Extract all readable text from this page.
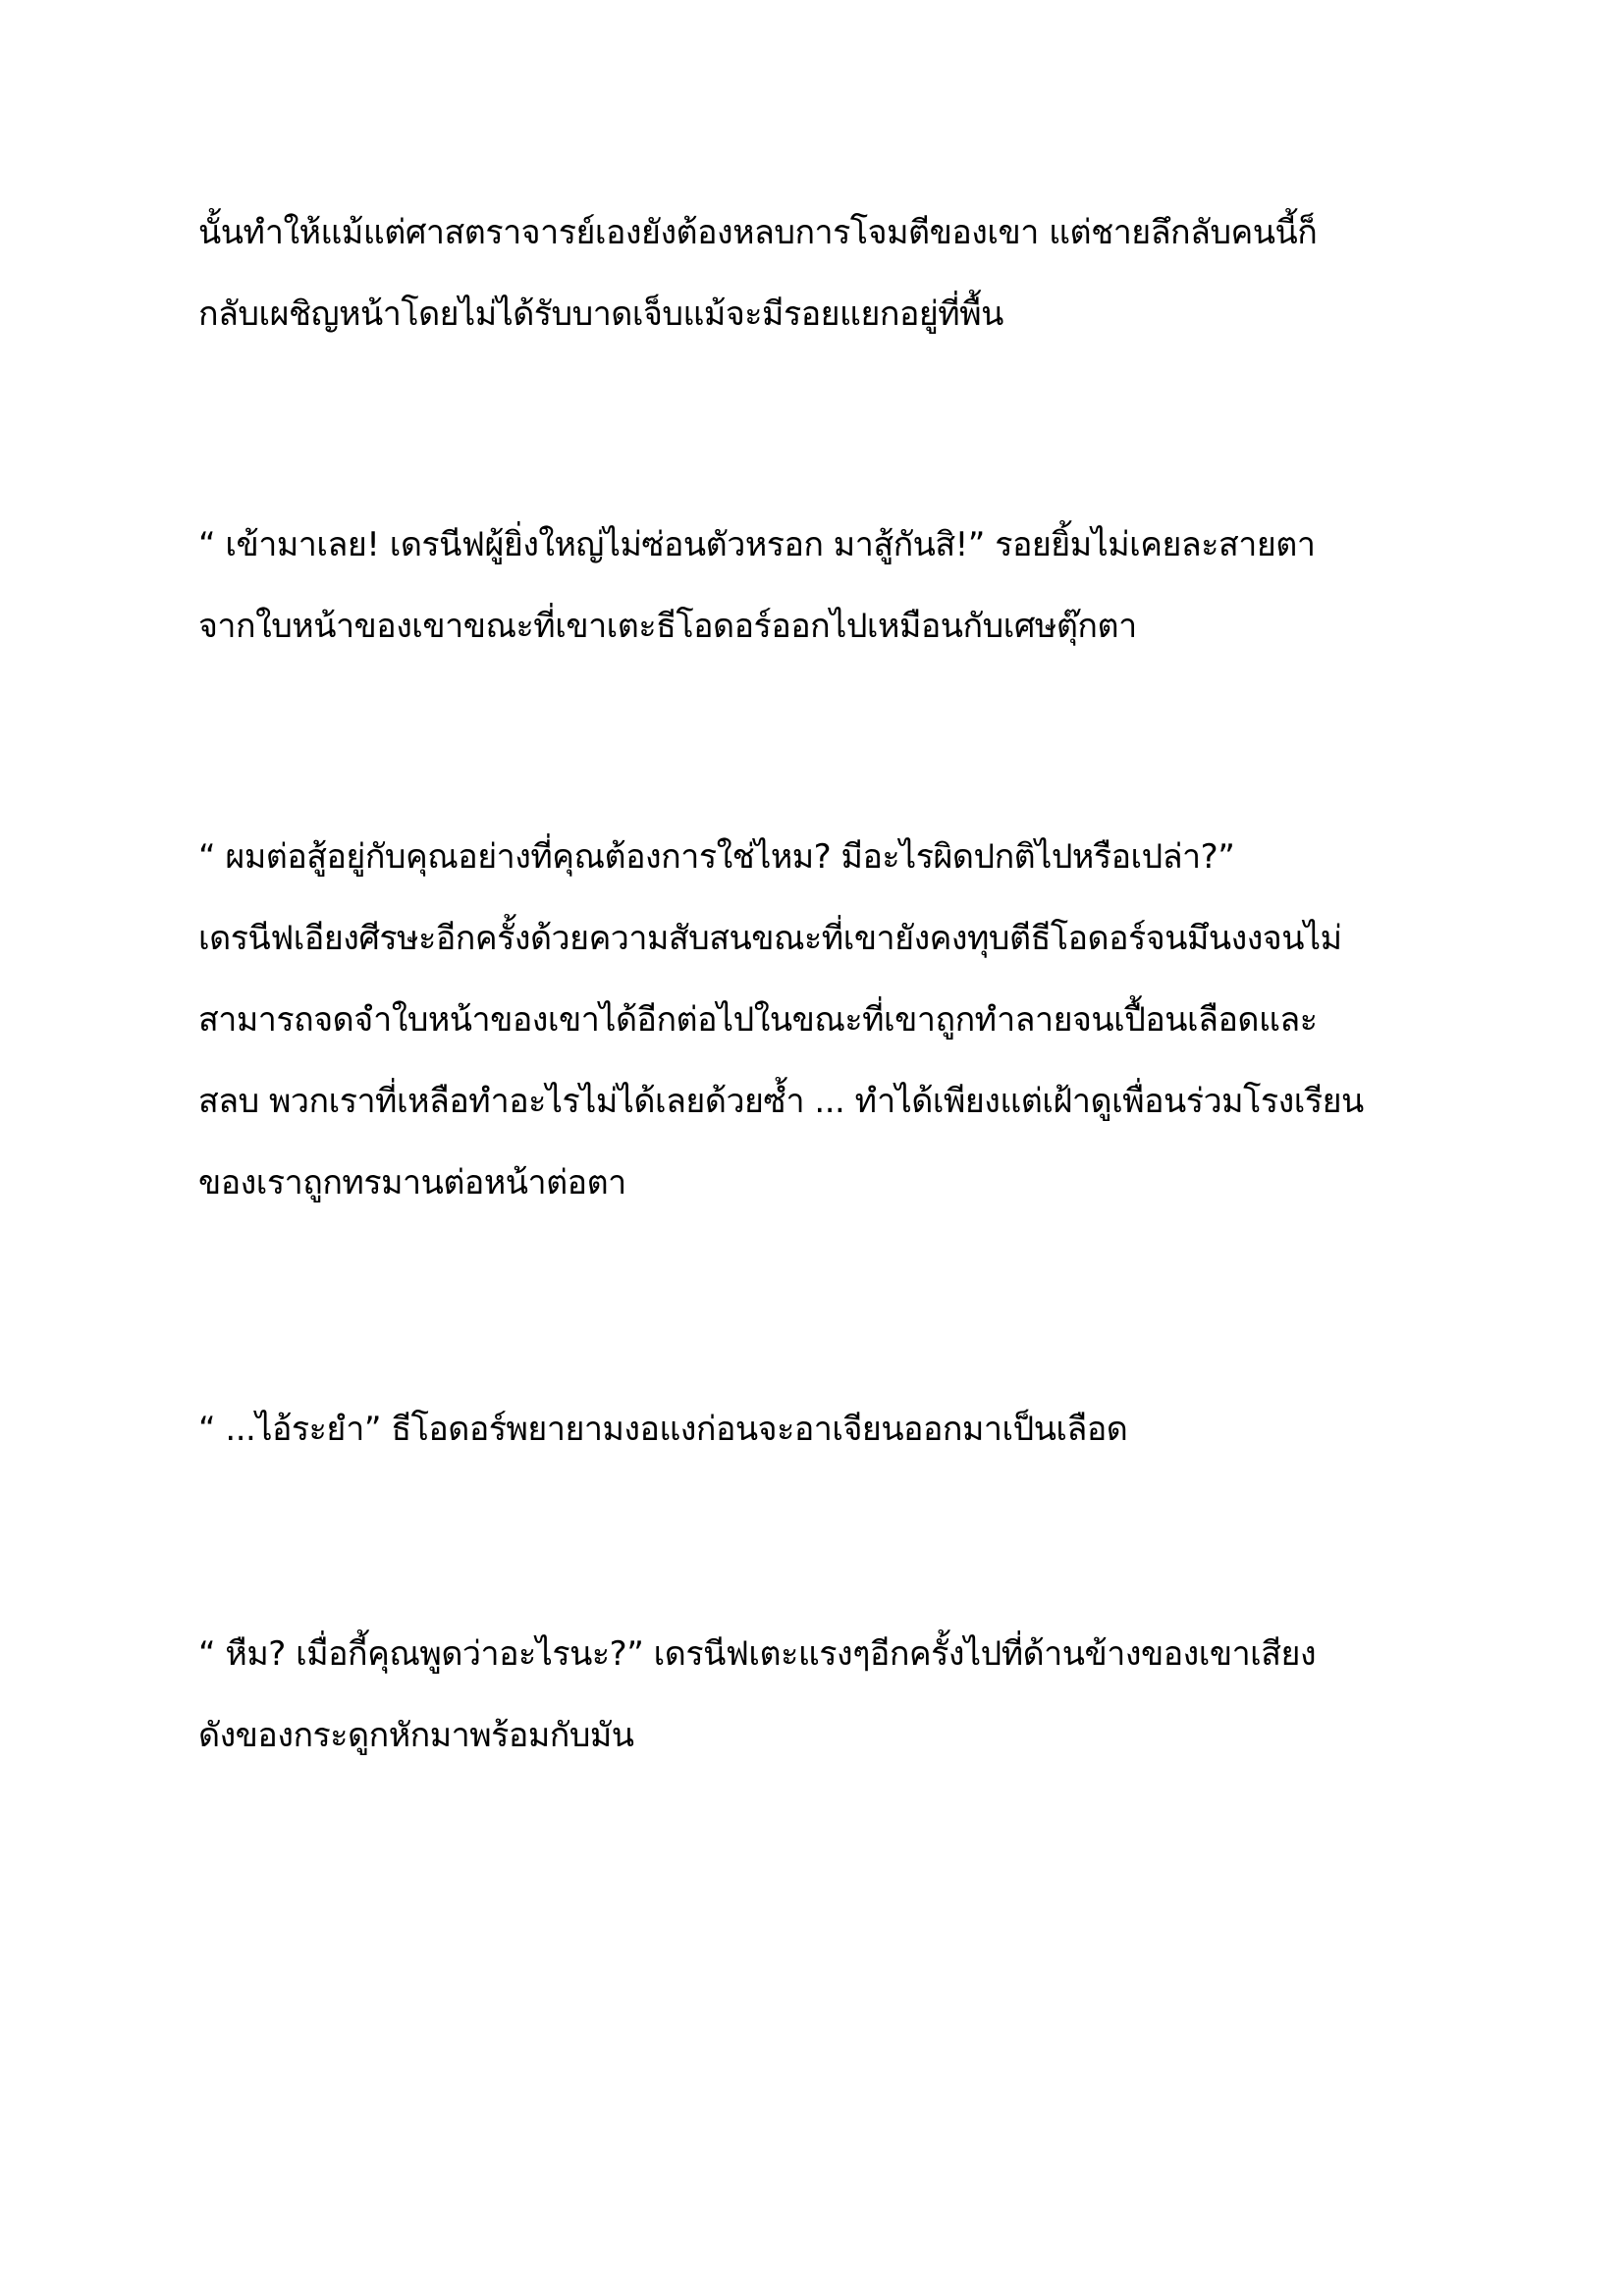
นั้นทำให้แม้แต่ศาสตราจารย์เองยังต้องหลบการโจมตีของเขา แต่ชายลึกลับคนนี้ก็
กลับเผชิญหน้าโดยไม่ได้รับบาดเจ็บแม้จะมีรอยแยกอยู่ที่พื้น

“ เข้ามาเลย! เดรนีฟผู้ยิ่งใหญ่ไม่ซ่อนตัวหรอก มาสู้กันสิ!” รอยยิ้มไม่เคยละสายตา
จากใบหน้าของเขาขณะที่เขาเตะธีโอดอร์ออกไปเหมือนกับเศษตุ๊กตา

“ ผมต่อสู้อยู่กับคุณอย่างที่คุณต้องการใช่ไหม? มีอะไรผิดปกติไปหรือเปล่า?”
เดรนีฟเอียงศีรษะอีกครั้งด้วยความสับสนขณะที่เขายังคงทุบตีธีโอดอร์จนมึนงงจนไม่
สามารถจดจำใบหน้าของเขาได้อีกต่อไปในขณะที่เขาถูกทำลายจนเปื้อนเลือดและ
สลบ พวกเราที่เหลือทำอะไรไม่ได้เลยด้วยซ้ำ ... ทำได้เพียงแต่เฝ้าดูเพื่อนร่วมโรงเรียน
ของเราถูกทรมานต่อหน้าต่อตา

“ ...ไอ้ระยำ” ธีโอดอร์พยายามงอแงก่อนจะอาเจียนออกมาเป็นเลือด

“ หืม? เมื่อกี้คุณพูดว่าอะไรนะ?” เดรนีฟเตะแรงๆอีกครั้งไปที่ด้านข้างของเขาเสียง
ดังของกระดูกหักมาพร้อมกับมัน
